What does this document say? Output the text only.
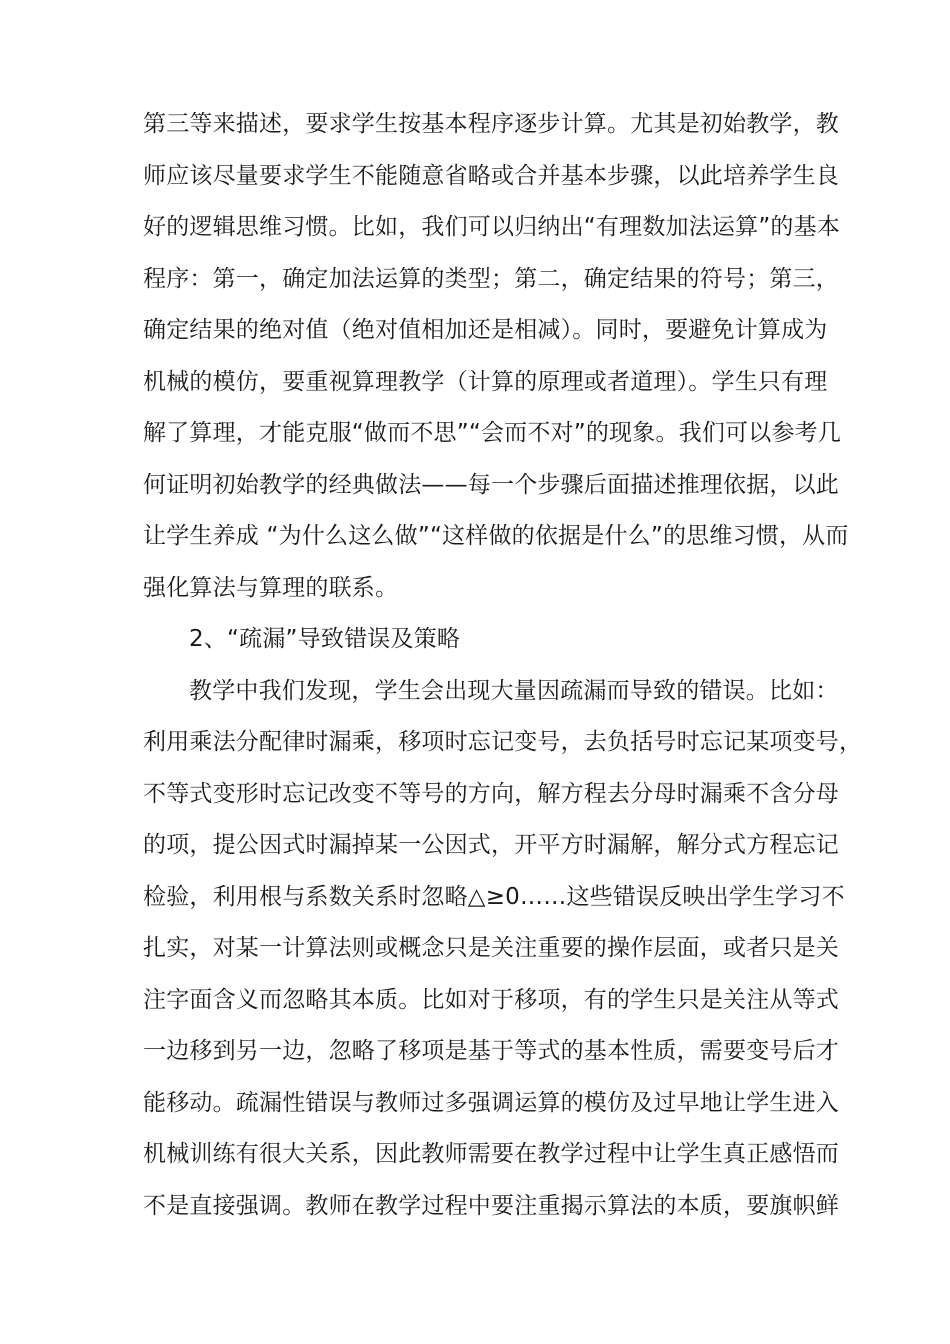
第三等来描述，要求学生按基本程序逐步计算。尤其是初始教学，教
师应该尽量要求学生不能随意省略或合并基本步骤，以此培养学生良
好的逻辑思维习惯。比如，我们可以归纳出“有理数加法运算”的基本
程序：第一，确定加法运算的类型；第二，确定结果的符号；第三，
确定结果的绝对值（绝对值相加还是相减）。同时，要避免计算成为
机械的模仿，要重视算理教学（计算的原理或者道理）。学生只有理
解了算理，才能克服“做而不思”“会而不对”的现象。我们可以参考几
何证明初始教学的经典做法——每一个步骤后面描述推理依据，以此
让学生养成 “为什么这么做”“这样做的依据是什么”的思维习惯，从而
强化算法与算理的联系。
2、“疏漏”导致错误及策略
教学中我们发现，学生会出现大量因疏漏而导致的错误。比如：
利用乘法分配律时漏乘，移项时忘记变号，去负括号时忘记某项变号，
不等式变形时忘记改变不等号的方向，解方程去分母时漏乘不含分母
的项，提公因式时漏掉某一公因式，开平方时漏解，解分式方程忘记
检验，利用根与系数关系时忽略△≥0……这些错误反映出学生学习不
扎实，对某一计算法则或概念只是关注重要的操作层面，或者只是关
注字面含义而忽略其本质。比如对于移项，有的学生只是关注从等式
一边移到另一边，忽略了移项是基于等式的基本性质，需要变号后才
能移动。疏漏性错误与教师过多强调运算的模仿及过早地让学生进入
机械训练有很大关系，因此教师需要在教学过程中让学生真正感悟而
不是直接强调。教师在教学过程中要注重揭示算法的本质，要旗帜鲜
